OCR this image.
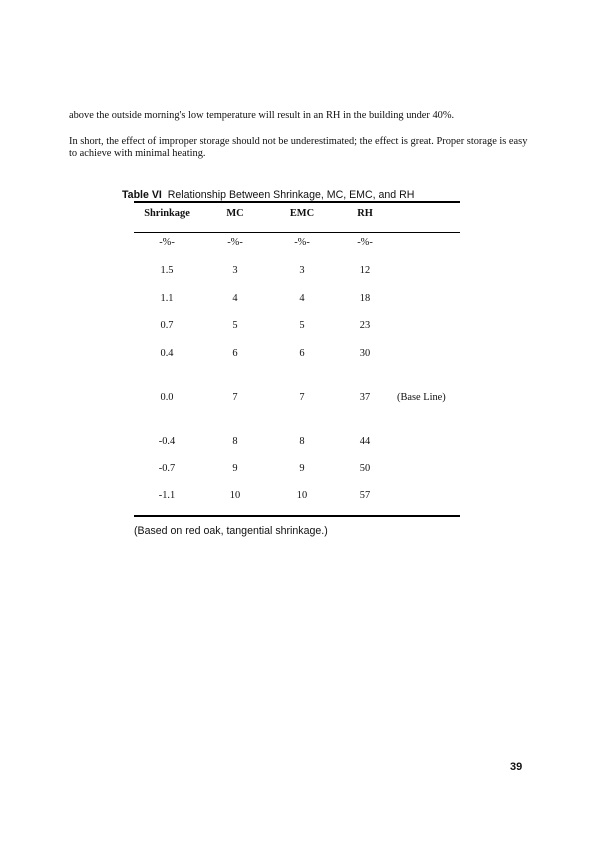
above the outside morning's low temperature will result in an RH in the building under 40%.
In short, the effect of improper storage should not be underestimated; the effect is great. Proper storage is easy to achieve with minimal heating.
Table VI Relationship Between Shrinkage, MC, EMC, and RH
Shrinkage	MC	EMC	RH
-%-	-%-	-%-	-%-
1.5	3	3	12
1.1	4	4	18
0.7	5	5	23
0.4	6	6	30
0.0	7	7	37	(Base Line)
-0.4	8	8	44
-0.7	9	9	50
-1.1	10	10	57
(Based on red oak, tangential shrinkage.)
39
